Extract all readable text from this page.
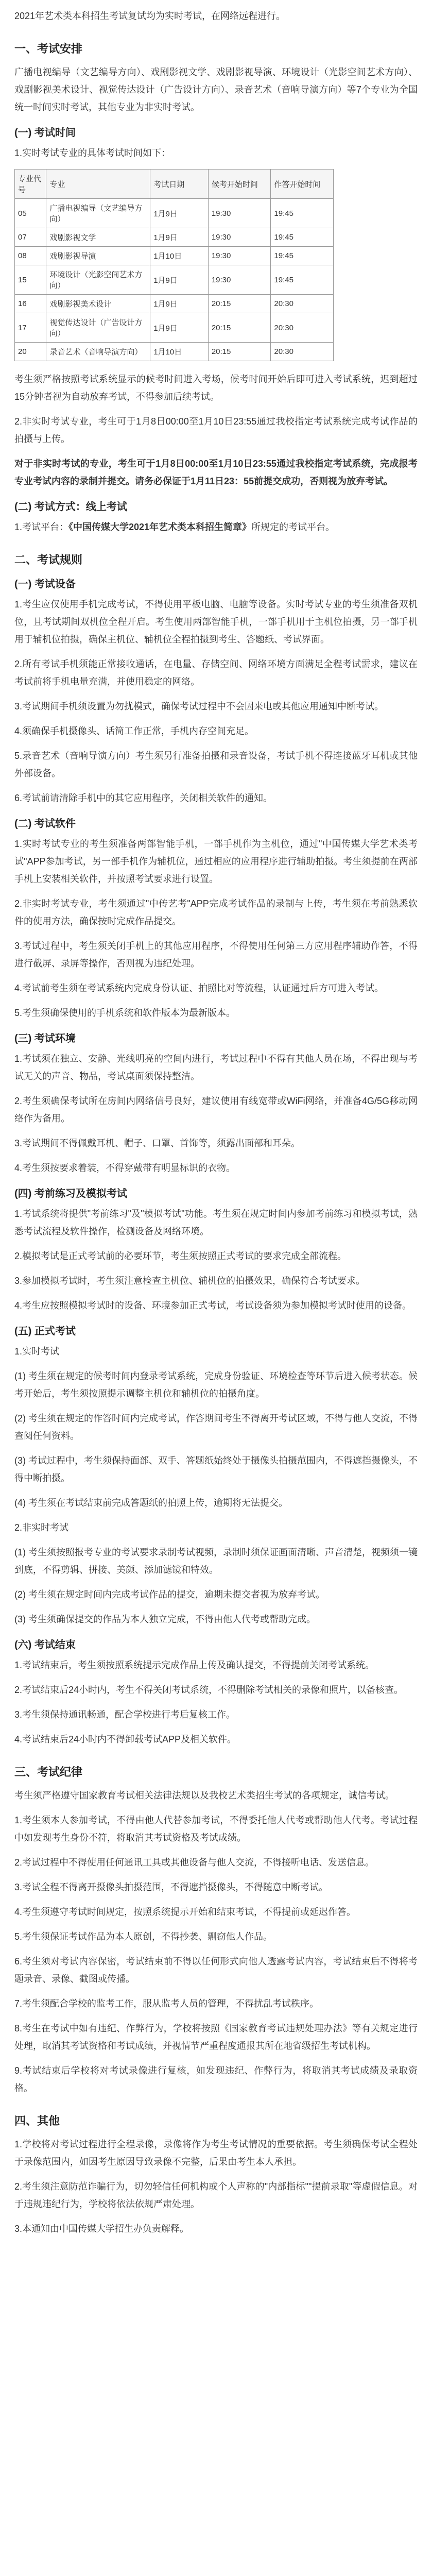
2021年艺术类本科招生考试复试均为实时考试，在网络远程进行。

一、考试安排

广播电视编导（文艺编导方向）、戏剧影视文学、戏剧影视导演、环境设计（光影空间艺术方向）、戏剧影视美术设计、视觉传达设计（广告设计方向）、录音艺术（音响导演方向）等7个专业为全国统一时间实时考试，其他专业为非实时考试。

(一) 考试时间

1.实时考试专业的具体考试时间如下：

专业代号	专业	考试日期	候考开始时间	作答开始时间
05	广播电视编导（文艺编导方向）	1月9日	19:30	19:45
07	戏剧影视文学	1月9日	19:30	19:45
08	戏剧影视导演	1月10日	19:30	19:45
15	环境设计（光影空间艺术方向）	1月9日	19:30	19:45
16	戏剧影视美术设计	1月9日	20:15	20:30
17	视觉传达设计（广告设计方向）	1月9日	20:15	20:30
20	录音艺术（音响导演方向）	1月10日	20:15	20:30

考生须严格按照考试系统显示的候考时间进入考场，候考时间开始后即可进入考试系统，迟到超过15分钟者视为自动放弃考试，不得参加后续考试。

2.非实时考试专业，考生可于1月8日00:00至1月10日23:55通过我校指定考试系统完成考试作品的拍摄与上传。

对于非实时考试的专业，考生可于1月8日00:00至1月10日23:55通过我校指定考试系统，完成报考专业考试内容的录制并提交。请务必保证于1月11日23：55前提交成功，否则视为放弃考试。

(二) 考试方式：线上考试

1.考试平台：《中国传媒大学2021年艺术类本科招生简章》所规定的考试平台。

二、考试规则
(一) 考试设备

1.考生应仅使用手机完成考试，不得使用平板电脑、电脑等设备。实时考试专业的考生须准备双机位，且考试期间双机位全程开启。考生使用两部智能手机，一部手机用于主机位拍摄，另一部手机用于辅机位拍摄，确保主机位、辅机位全程拍摄到考生、答题纸、考试界面。

2.所有考试手机须能正常接收通话，在电量、存储空间、网络环境方面满足全程考试需求，建议在考试前将手机电量充满，并使用稳定的网络。

3.考试期间手机须设置为勿扰模式，确保考试过程中不会因来电或其他应用通知中断考试。

4.须确保手机摄像头、话筒工作正常，手机内存空间充足。

5.录音艺术（音响导演方向）考生须另行准备拍摄和录音设备，考试手机不得连接蓝牙耳机或其他外部设备。

6.考试前请清除手机中的其它应用程序，关闭相关软件的通知。

(二) 考试软件

1.实时考试专业的考生须准备两部智能手机，一部手机作为主机位，通过"中国传媒大学艺术类考试"APP参加考试，另一部手机作为辅机位，通过相应的应用程序进行辅助拍摄。考生须提前在两部手机上安装相关软件，并按照考试要求进行设置。

2.非实时考试专业，考生须通过"中传艺考"APP完成考试作品的录制与上传，考生须在考前熟悉软件的使用方法，确保按时完成作品提交。

3.考试过程中，考生须关闭手机上的其他应用程序，不得使用任何第三方应用程序辅助作答，不得进行截屏、录屏等操作，否则视为违纪处理。

4.考试前考生须在考试系统内完成身份认证、拍照比对等流程，认证通过后方可进入考试。

5.考生须确保使用的手机系统和软件版本为最新版本。

(三) 考试环境

1.考试须在独立、安静、光线明亮的空间内进行，考试过程中不得有其他人员在场，不得出现与考试无关的声音、物品，考试桌面须保持整洁。

2.考生须确保考试所在房间内网络信号良好，建议使用有线宽带或WiFi网络，并准备4G/5G移动网络作为备用。

3.考试期间不得佩戴耳机、帽子、口罩、首饰等，须露出面部和耳朵。

4.考生须按要求着装，不得穿戴带有明显标识的衣物。

(四) 考前练习及模拟考试

1.考试系统将提供"考前练习"及"模拟考试"功能。考生须在规定时间内参加考前练习和模拟考试，熟悉考试流程及软件操作，检测设备及网络环境。

2.模拟考试是正式考试前的必要环节，考生须按照正式考试的要求完成全部流程。

3.参加模拟考试时，考生须注意检查主机位、辅机位的拍摄效果，确保符合考试要求。

4.考生应按照模拟考试时的设备、环境参加正式考试，考试设备须为参加模拟考试时使用的设备。

(五) 正式考试

1.实时考试

(1) 考生须在规定的候考时间内登录考试系统，完成身份验证、环境检查等环节后进入候考状态。候考开始后，考生须按照提示调整主机位和辅机位的拍摄角度。

(2) 考生须在规定的作答时间内完成考试，作答期间考生不得离开考试区域，不得与他人交流，不得查阅任何资料。

(3) 考试过程中，考生须保持面部、双手、答题纸始终处于摄像头拍摄范围内，不得遮挡摄像头，不得中断拍摄。

(4) 考生须在考试结束前完成答题纸的拍照上传，逾期将无法提交。

2.非实时考试

(1) 考生须按照报考专业的考试要求录制考试视频，录制时须保证画面清晰、声音清楚，视频须一镜到底，不得剪辑、拼接、美颜、添加滤镜和特效。

(2) 考生须在规定时间内完成考试作品的提交，逾期未提交者视为放弃考试。

(3) 考生须确保提交的作品为本人独立完成，不得由他人代考或帮助完成。

(六) 考试结束

1.考试结束后，考生须按照系统提示完成作品上传及确认提交，不得提前关闭考试系统。

2.考试结束后24小时内，考生不得关闭考试系统，不得删除考试相关的录像和照片，以备核查。

3.考生须保持通讯畅通，配合学校进行考后复核工作。

4.考试结束后24小时内不得卸载考试APP及相关软件。

三、考试纪律

考生须严格遵守国家教育考试相关法律法规以及我校艺术类招生考试的各项规定，诚信考试。

1.考生须本人参加考试，不得由他人代替参加考试，不得委托他人代考或帮助他人代考。考试过程中如发现考生身份不符，将取消其考试资格及考试成绩。

2.考试过程中不得使用任何通讯工具或其他设备与他人交流，不得接听电话、发送信息。

3.考试全程不得离开摄像头拍摄范围，不得遮挡摄像头，不得随意中断考试。

4.考生须遵守考试时间规定，按照系统提示开始和结束考试，不得提前或延迟作答。

5.考生须保证考试作品为本人原创，不得抄袭、剽窃他人作品。

6.考生须对考试内容保密，考试结束前不得以任何形式向他人透露考试内容，考试结束后不得将考题录音、录像、截图或传播。

7.考生须配合学校的监考工作，服从监考人员的管理，不得扰乱考试秩序。

8.考生在考试中如有违纪、作弊行为，学校将按照《国家教育考试违规处理办法》等有关规定进行处理，取消其考试资格和考试成绩，并视情节严重程度通报其所在地省级招生考试机构。

9.考试结束后学校将对考试录像进行复核，如发现违纪、作弊行为，将取消其考试成绩及录取资格。

四、其他

1.学校将对考试过程进行全程录像，录像将作为考生考试情况的重要依据。考生须确保考试全程处于录像范围内，如因考生原因导致录像不完整，后果由考生本人承担。

2.考生须注意防范诈骗行为，切勿轻信任何机构或个人声称的"内部指标""提前录取"等虚假信息。对于违规违纪行为，学校将依法依规严肃处理。

3.本通知由中国传媒大学招生办负责解释。
